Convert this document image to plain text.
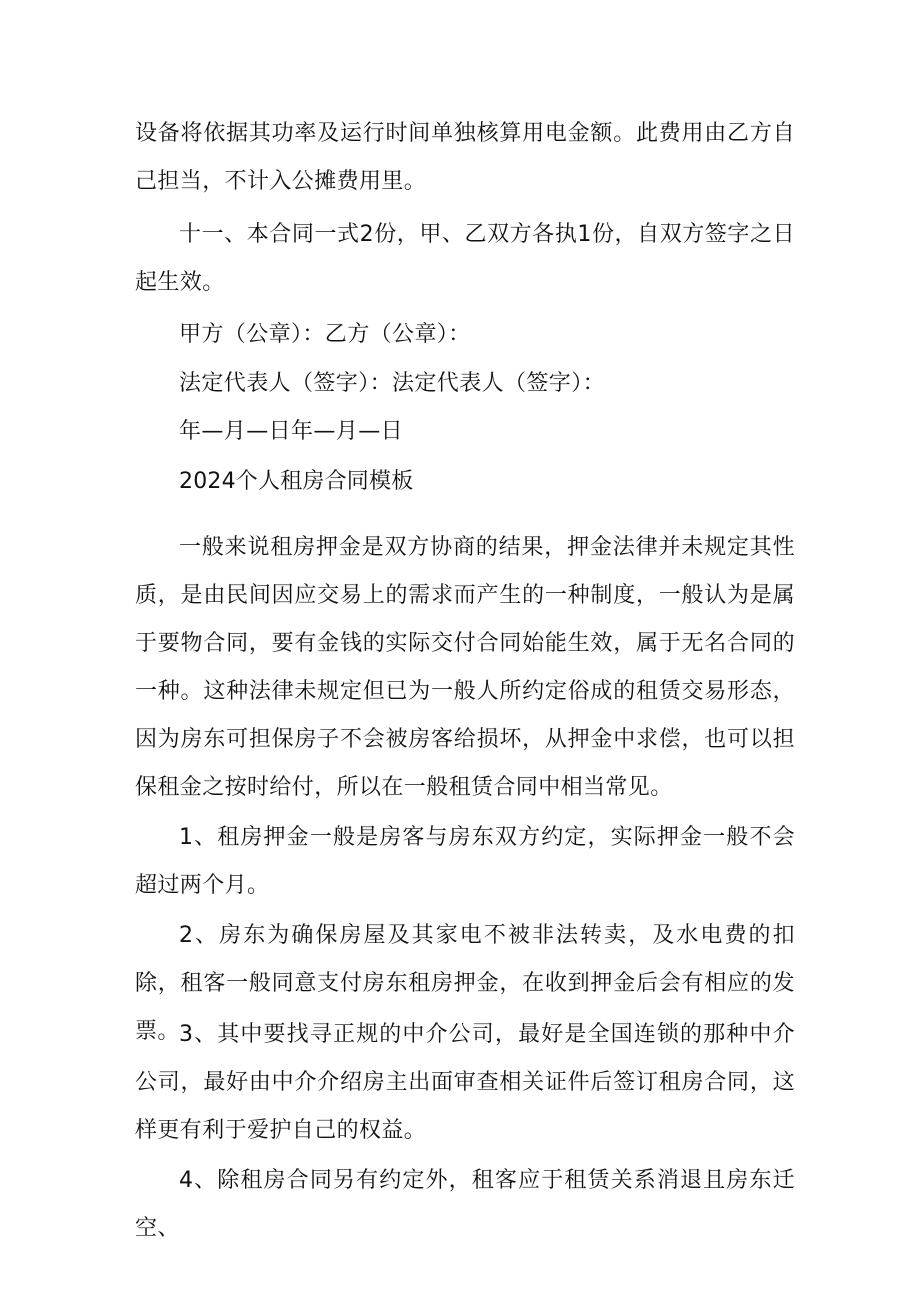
设备将依据其功率及运行时间单独核算用电金额。此费用由乙方自己担当，不计入公摊费用里。

十一、本合同一式2份，甲、乙双方各执1份，自双方签字之日起生效。

甲方（公章）：乙方（公章）：

法定代表人（签字）：法定代表人（签字）：

年—月—日年—月—日

2024个人租房合同模板

一般来说租房押金是双方协商的结果，押金法律并未规定其性质，是由民间因应交易上的需求而产生的一种制度，一般认为是属于要物合同，要有金钱的实际交付合同始能生效，属于无名合同的一种。这种法律未规定但已为一般人所约定俗成的租赁交易形态，因为房东可担保房子不会被房客给损坏，从押金中求偿，也可以担保租金之按时给付，所以在一般租赁合同中相当常见。

1、租房押金一般是房客与房东双方约定，实际押金一般不会超过两个月。

2、房东为确保房屋及其家电不被非法转卖，及水电费的扣除，租客一般同意支付房东租房押金，在收到押金后会有相应的发票。 3、其中要找寻正规的中介公司，最好是全国连锁的那种中介公司，最好由中介介绍房主出面审查相关证件后签订租房合同，这样更有利于爱护自己的权益。

4、除租房合同另有约定外，租客应于租赁关系消退且房东迁空、
